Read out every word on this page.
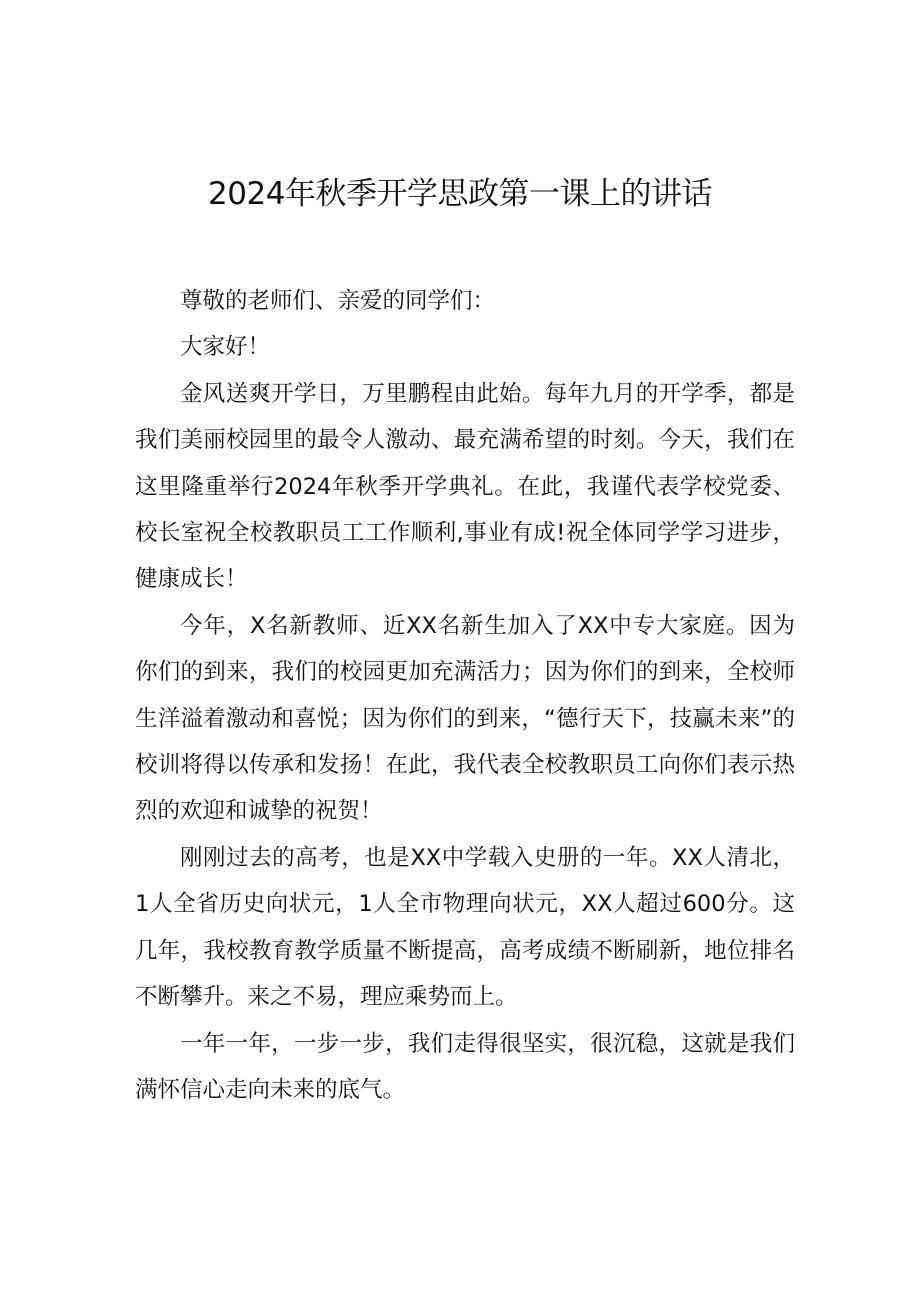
2024年秋季开学思政第一课上的讲话

尊敬的老师们、亲爱的同学们：

大家好！

金风送爽开学日，万里鹏程由此始。每年九月的开学季，都是我们美丽校园里的最令人激动、最充满希望的时刻。今天，我们在这里隆重举行2024年秋季开学典礼。在此，我谨代表学校党委、校长室祝全校教职员工工作顺利,事业有成!祝全体同学学习进步，健康成长！

今年，X名新教师、近XX名新生加入了XX中专大家庭。因为你们的到来，我们的校园更加充满活力；因为你们的到来，全校师生洋溢着激动和喜悦；因为你们的到来，“德行天下，技赢未来”的校训将得以传承和发扬！在此，我代表全校教职员工向你们表示热烈的欢迎和诚挚的祝贺！

刚刚过去的高考，也是XX中学载入史册的一年。XX人清北，1人全省历史向状元，1人全市物理向状元，XX人超过600分。这几年，我校教育教学质量不断提高，高考成绩不断刷新，地位排名不断攀升。来之不易，理应乘势而上。

一年一年，一步一步，我们走得很坚实，很沉稳，这就是我们满怀信心走向未来的底气。
